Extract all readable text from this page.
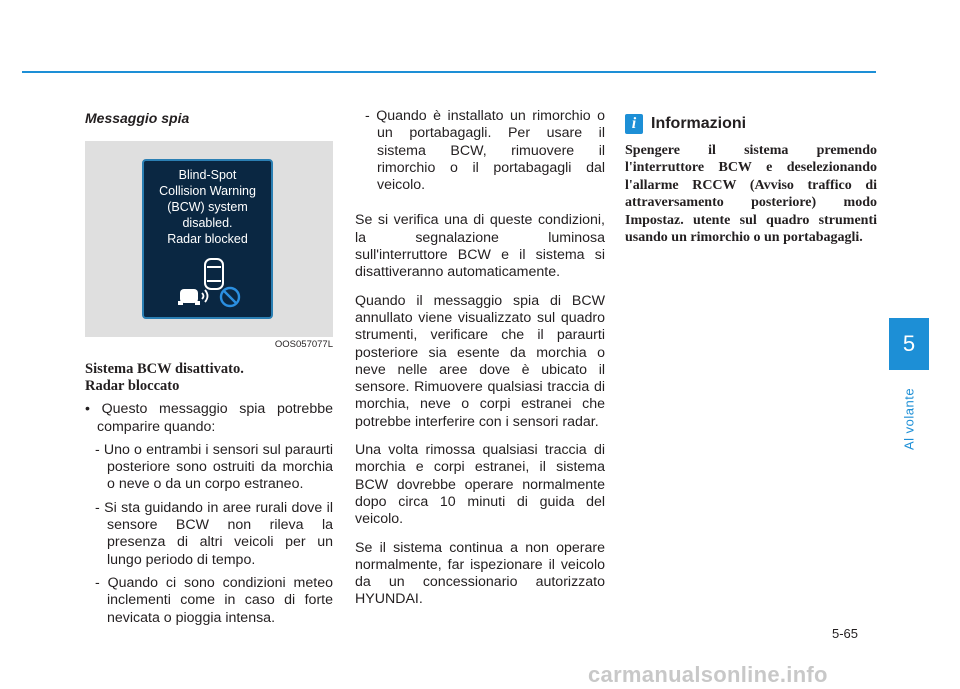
Messaggio spia
Blind-Spot
Collision Warning
(BCW) system
disabled.
Radar blocked
OOS057077L
Sistema BCW disattivato.
Radar bloccato

• Questo messaggio spia potrebbe comparire quando:

- Uno o entrambi i sensori sul paraurti posteriore sono ostruiti da morchia o neve o da un corpo estraneo.

- Si sta guidando in aree rurali dove il sensore BCW non rileva la presenza di altri veicoli per un lungo periodo di tempo.

- Quando ci sono condizioni meteo inclementi come in caso di forte nevicata o pioggia intensa.

- Quando è installato un rimorchio o un portabagagli. Per usare il sistema BCW, rimuovere il rimorchio o il portabagagli dal veicolo.

Se si verifica una di queste condizioni, la segnalazione luminosa sull'interruttore BCW e il sistema si disattiveranno automaticamente.

Quando il messaggio spia di BCW annullato viene visualizzato sul quadro strumenti, verificare che il paraurti posteriore sia esente da morchia o neve nelle aree dove è ubicato il sensore. Rimuovere qualsiasi traccia di morchia, neve o corpi estranei che potrebbe interferire con i sensori radar.

Una volta rimossa qualsiasi traccia di morchia e corpi estranei, il sistema BCW dovrebbe operare normalmente dopo circa 10 minuti di guida del veicolo.

Se il sistema continua a non operare normalmente, far ispezionare il veicolo da un concessionario autorizzato HYUNDAI.

i Informazioni
Spengere il sistema premendo l'interruttore BCW e deselezionando l'allarme RCCW (Avviso traffico di attraversamento posteriore) modo Impostaz. utente sul quadro strumenti usando un rimorchio o un portabagagli.
5
Al volante
5-65
carmanualsonline.info
